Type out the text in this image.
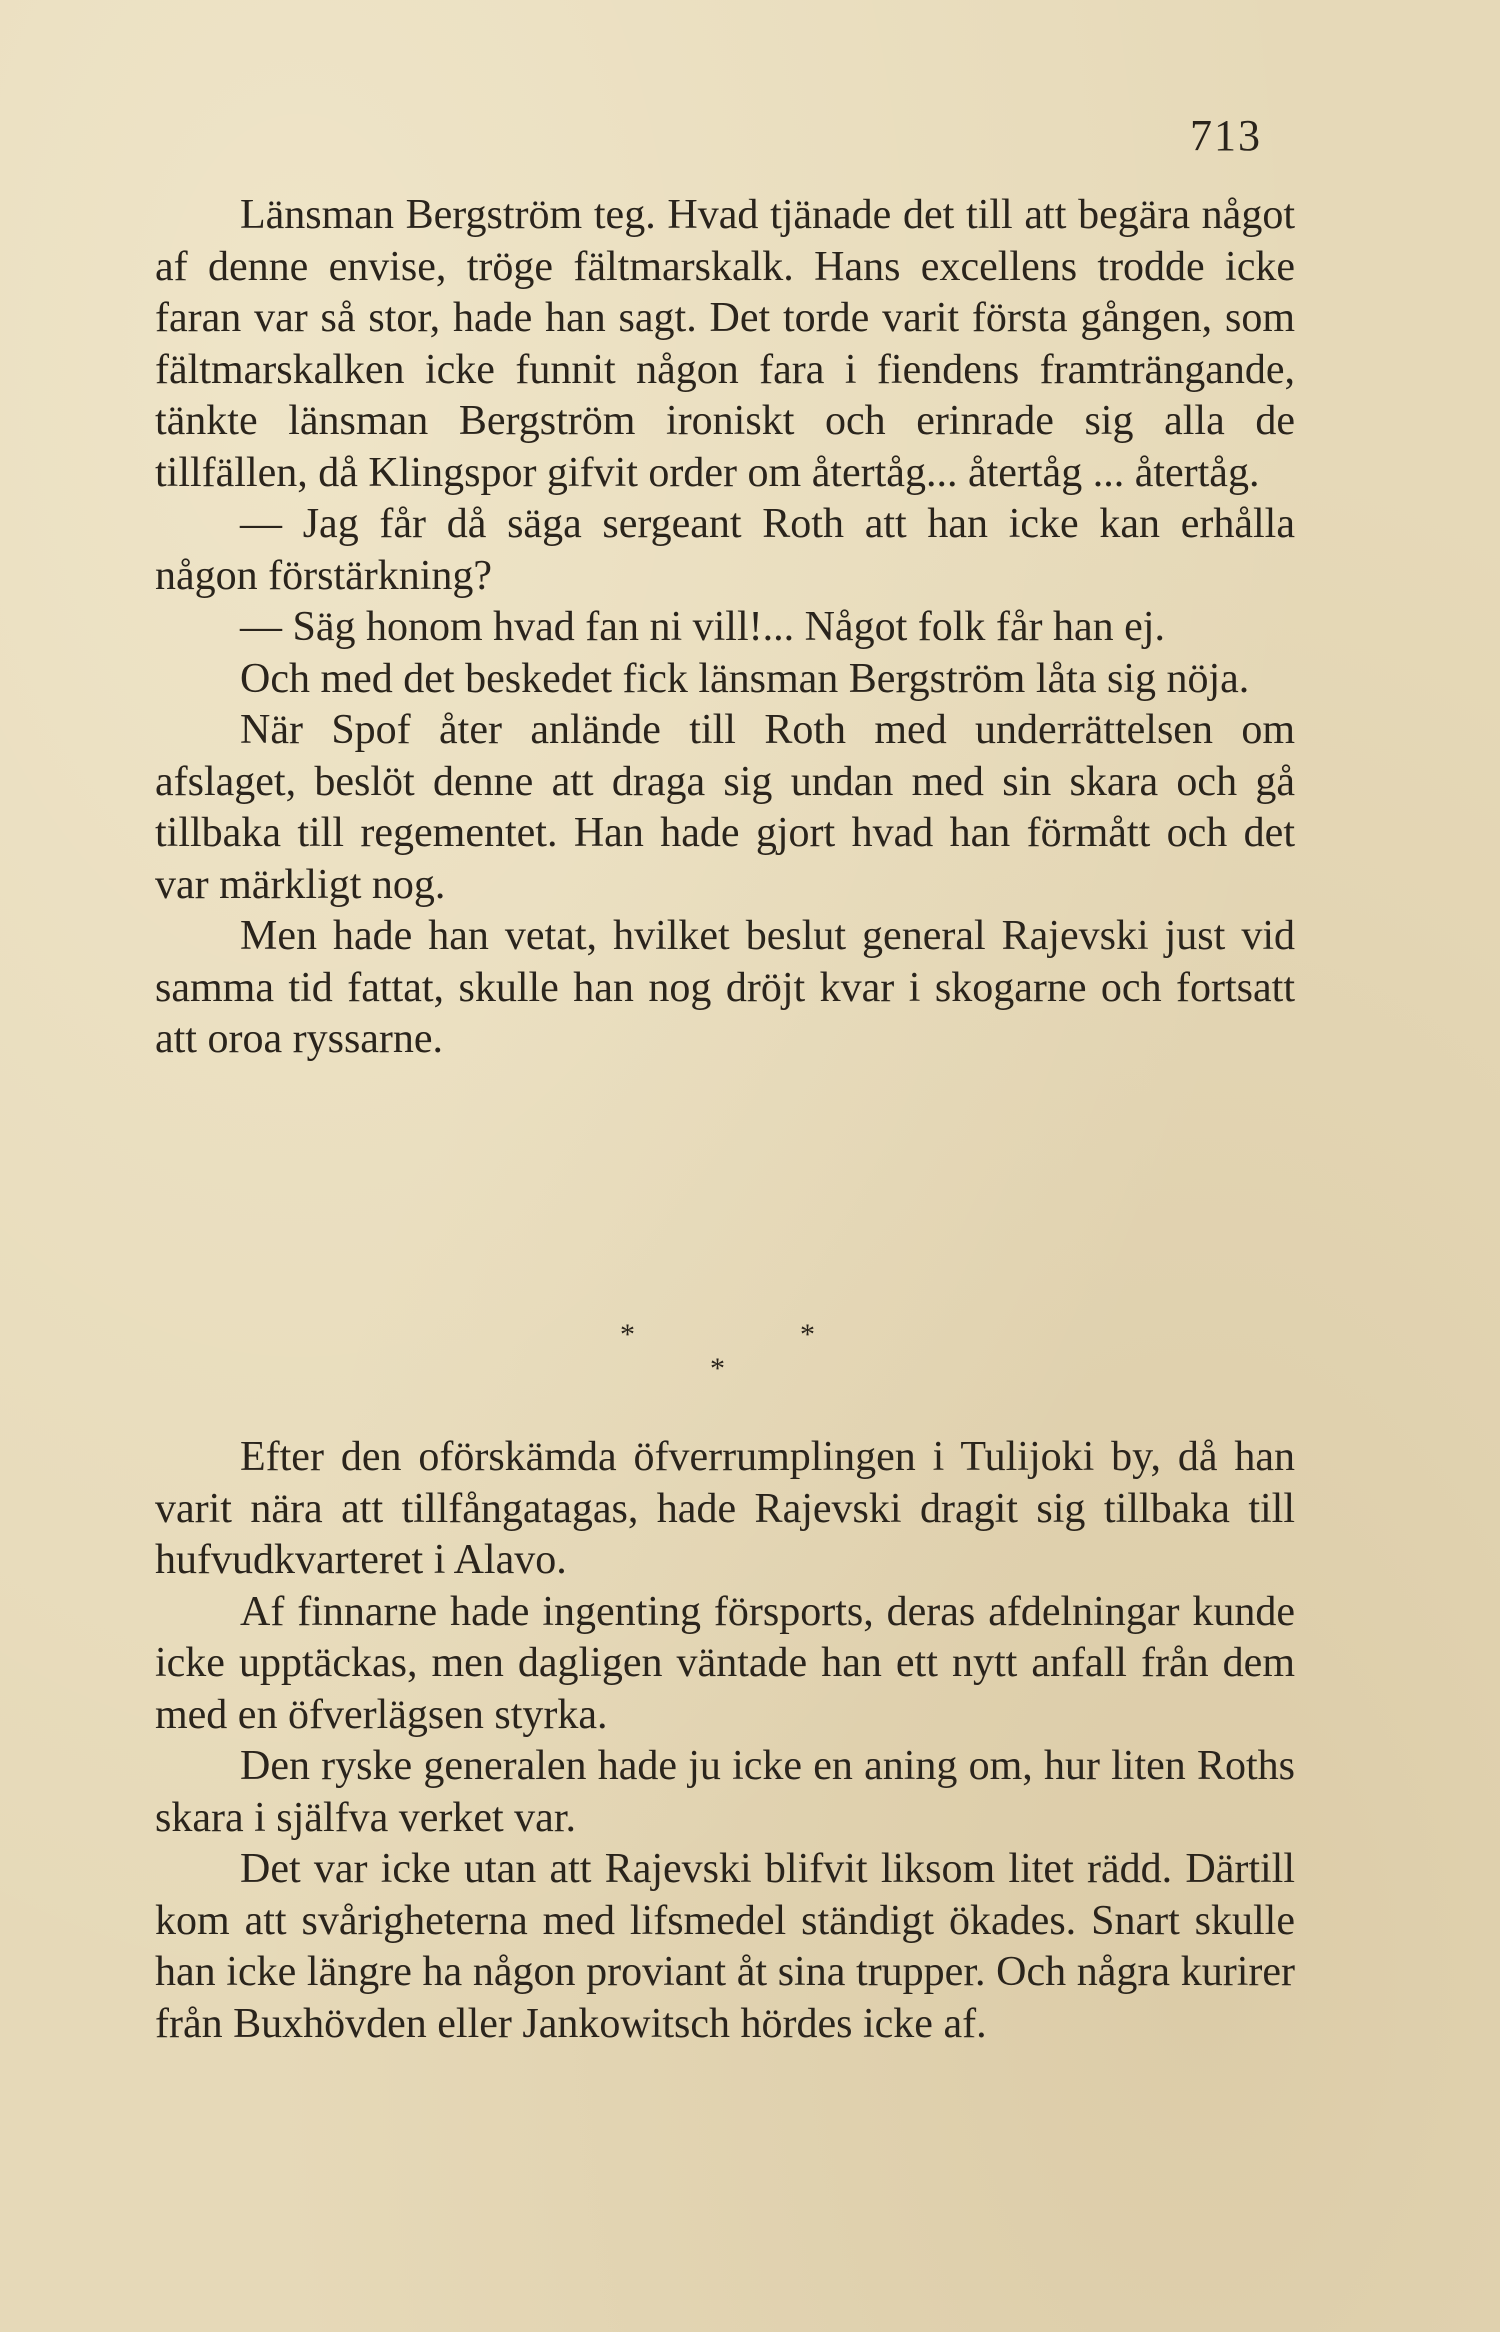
713

Länsman Bergström teg. Hvad tjänade det till att begära något af denne envise, tröge fältmarskalk. Hans excellens trodde icke faran var så stor, hade han sagt. Det torde varit första gången, som fältmarskalken icke funnit någon fara i fiendens framträngande, tänkte länsman Bergström ironiskt och erinrade sig alla de tillfällen, då Klingspor gifvit order om återtåg... återtåg ... återtåg.

— Jag får då säga sergeant Roth att han icke kan erhålla någon förstärkning?

— Säg honom hvad fan ni vill!... Något folk får han ej.

Och med det beskedet fick länsman Bergström låta sig nöja.

När Spof åter anlände till Roth med underrättelsen om afslaget, beslöt denne att draga sig undan med sin skara och gå tillbaka till regementet. Han hade gjort hvad han förmått och det var märkligt nog.

Men hade han vetat, hvilket beslut general Rajevski just vid samma tid fattat, skulle han nog dröjt kvar i skogarne och fortsatt att oroa ryssarne.

*	*
*

Efter den oförskämda öfverrumplingen i Tulijoki by, då han varit nära att tillfångatagas, hade Rajevski dragit sig tillbaka till hufvudkvarteret i Alavo.

Af finnarne hade ingenting försports, deras afdelningar kunde icke upptäckas, men dagligen väntade han ett nytt anfall från dem med en öfverlägsen styrka.

Den ryske generalen hade ju icke en aning om, hur liten Roths skara i själfva verket var.

Det var icke utan att Rajevski blifvit liksom litet rädd. Därtill kom att svårigheterna med lifsmedel ständigt ökades. Snart skulle han icke längre ha någon proviant åt sina trupper. Och några kurirer från Buxhövden eller Jankowitsch hördes icke af.
